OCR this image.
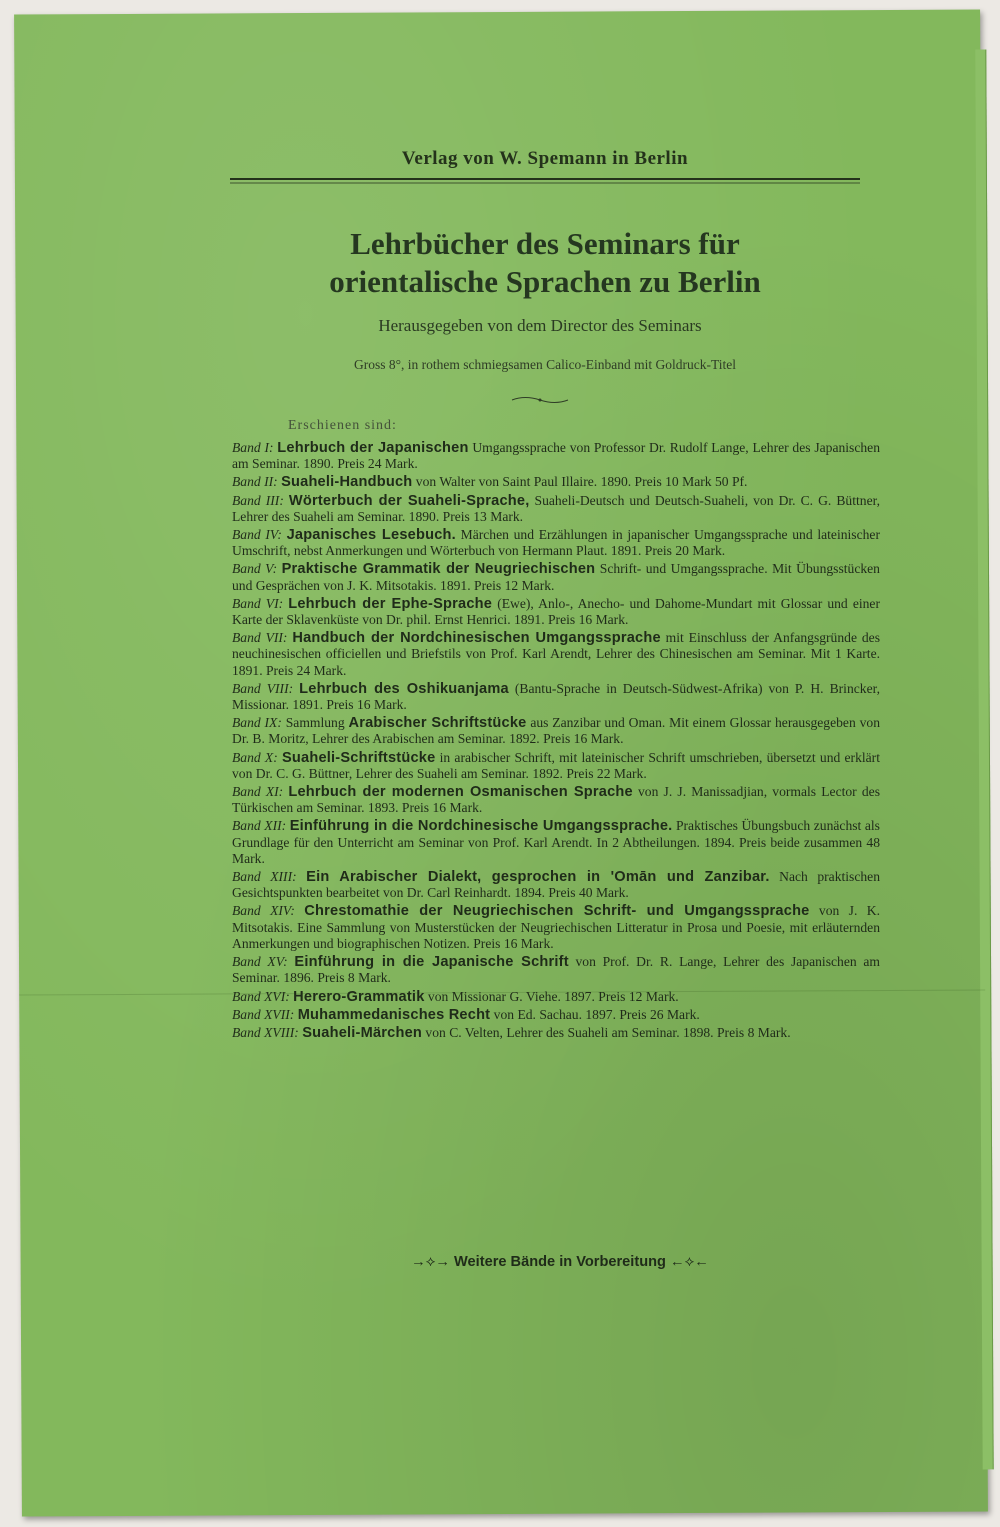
Verlag von W. Spemann in Berlin
Lehrbücher des Seminars für
orientalische Sprachen zu Berlin
Herausgegeben von dem Director des Seminars
Gross 8°, in rothem schmiegsamen Calico-Einband mit Goldruck-Titel
Erschienen sind:
Band I: Lehrbuch der Japanischen Umgangssprache von Professor Dr. Rudolf Lange, Lehrer des Japanischen am Seminar. 1890. Preis 24 Mark.
Band II: Suaheli-Handbuch von Walter von Saint Paul Illaire. 1890. Preis 10 Mark 50 Pf.
Band III: Wörterbuch der Suaheli-Sprache, Suaheli-Deutsch und Deutsch-Suaheli, von Dr. C. G. Büttner, Lehrer des Suaheli am Seminar. 1890. Preis 13 Mark.
Band IV: Japanisches Lesebuch. Märchen und Erzählungen in japanischer Umgangssprache und lateinischer Umschrift, nebst Anmerkungen und Wörterbuch von Hermann Plaut. 1891. Preis 20 Mark.
Band V: Praktische Grammatik der Neugriechischen Schrift- und Umgangssprache. Mit Übungsstücken und Gesprächen von J. K. Mitsotakis. 1891. Preis 12 Mark.
Band VI: Lehrbuch der Ephe-Sprache (Ewe), Anlo-, Anecho- und Dahome-Mundart mit Glossar und einer Karte der Sklavenküste von Dr. phil. Ernst Henrici. 1891. Preis 16 Mark.
Band VII: Handbuch der Nordchinesischen Umgangssprache mit Einschluss der Anfangsgründe des neuchinesischen officiellen und Briefstils von Prof. Karl Arendt, Lehrer des Chinesischen am Seminar. Mit 1 Karte. 1891. Preis 24 Mark.
Band VIII: Lehrbuch des Oshikuanjama (Bantu-Sprache in Deutsch-Südwest-Afrika) von P. H. Brincker, Missionar. 1891. Preis 16 Mark.
Band IX: Sammlung Arabischer Schriftstücke aus Zanzibar und Oman. Mit einem Glossar herausgegeben von Dr. B. Moritz, Lehrer des Arabischen am Seminar. 1892. Preis 16 Mark.
Band X: Suaheli-Schriftstücke in arabischer Schrift, mit lateinischer Schrift umschrieben, übersetzt und erklärt von Dr. C. G. Büttner, Lehrer des Suaheli am Seminar. 1892. Preis 22 Mark.
Band XI: Lehrbuch der modernen Osmanischen Sprache von J. J. Manissadjian, vormals Lector des Türkischen am Seminar. 1893. Preis 16 Mark.
Band XII: Einführung in die Nordchinesische Umgangssprache. Praktisches Übungsbuch zunächst als Grundlage für den Unterricht am Seminar von Prof. Karl Arendt. In 2 Abtheilungen. 1894. Preis beide zusammen 48 Mark.
Band XIII: Ein Arabischer Dialekt, gesprochen in 'Omān und Zanzibar. Nach praktischen Gesichtspunkten bearbeitet von Dr. Carl Reinhardt. 1894. Preis 40 Mark.
Band XIV: Chrestomathie der Neugriechischen Schrift- und Umgangssprache von J. K. Mitsotakis. Eine Sammlung von Musterstücken der Neugriechischen Litteratur in Prosa und Poesie, mit erläuternden Anmerkungen und biographischen Notizen. Preis 16 Mark.
Band XV: Einführung in die Japanische Schrift von Prof. Dr. R. Lange, Lehrer des Japanischen am Seminar. 1896. Preis 8 Mark.
Band XVI: Herero-Grammatik von Missionar G. Viehe. 1897. Preis 12 Mark.
Band XVII: Muhammedanisches Recht von Ed. Sachau. 1897. Preis 26 Mark.
Band XVIII: Suaheli-Märchen von C. Velten, Lehrer des Suaheli am Seminar. 1898. Preis 8 Mark.
→⟡→ Weitere Bände in Vorbereitung ←⟡←
